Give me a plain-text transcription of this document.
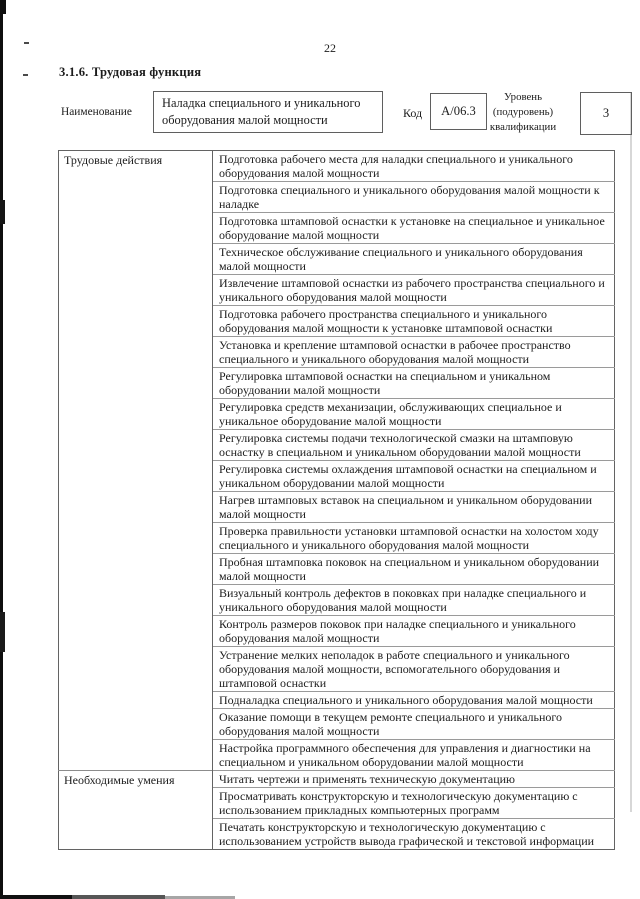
22
3.1.6. Трудовая функция
Наименование
Наладка специального и уникального оборудования малой мощности	Код	А/06.3
Уровень (подуровень) квалификации
3
Трудовые действия	Подготовка рабочего места для наладки специального и уникального оборудования малой мощности
	Подготовка специального и уникального оборудования малой мощности к наладке
	Подготовка штамповой оснастки к установке на специальное и уникальное оборудование малой мощности
	Техническое обслуживание специального и уникального оборудования малой мощности
	Извлечение штамповой оснастки из рабочего пространства специального и уникального оборудования малой мощности
	Подготовка рабочего пространства специального и уникального оборудования малой мощности к установке штамповой оснастки
	Установка и крепление штамповой оснастки в рабочее пространство специального и уникального оборудования малой мощности
	Регулировка штамповой оснастки на специальном и уникальном оборудовании малой мощности
	Регулировка средств механизации, обслуживающих специальное и уникальное оборудование малой мощности
	Регулировка системы подачи технологической смазки на штамповую оснастку в специальном и уникальном оборудовании малой мощности
	Регулировка системы охлаждения штамповой оснастки на специальном и уникальном оборудовании малой мощности
	Нагрев штамповых вставок на специальном и уникальном оборудовании малой мощности
	Проверка правильности установки штамповой оснастки на холостом ходу специального и уникального оборудования малой мощности
	Пробная штамповка поковок на специальном и уникальном оборудовании малой мощности
	Визуальный контроль дефектов в поковках при наладке специального и уникального оборудования малой мощности
	Контроль размеров поковок при наладке специального и уникального оборудования малой мощности
	Устранение мелких неполадок в работе специального и уникального оборудования малой мощности, вспомогательного оборудования и штамповой оснастки
	Подналадка специального и уникального оборудования малой мощности
	Оказание помощи в текущем ремонте специального и уникального оборудования малой мощности
	Настройка программного обеспечения для управления и диагностики на специальном и уникальном оборудовании малой мощности
Необходимые умения	Читать чертежи и применять техническую документацию
	Просматривать конструкторскую и технологическую документацию с использованием прикладных компьютерных программ
	Печатать конструкторскую и технологическую документацию с использованием устройств вывода графической и текстовой информации
